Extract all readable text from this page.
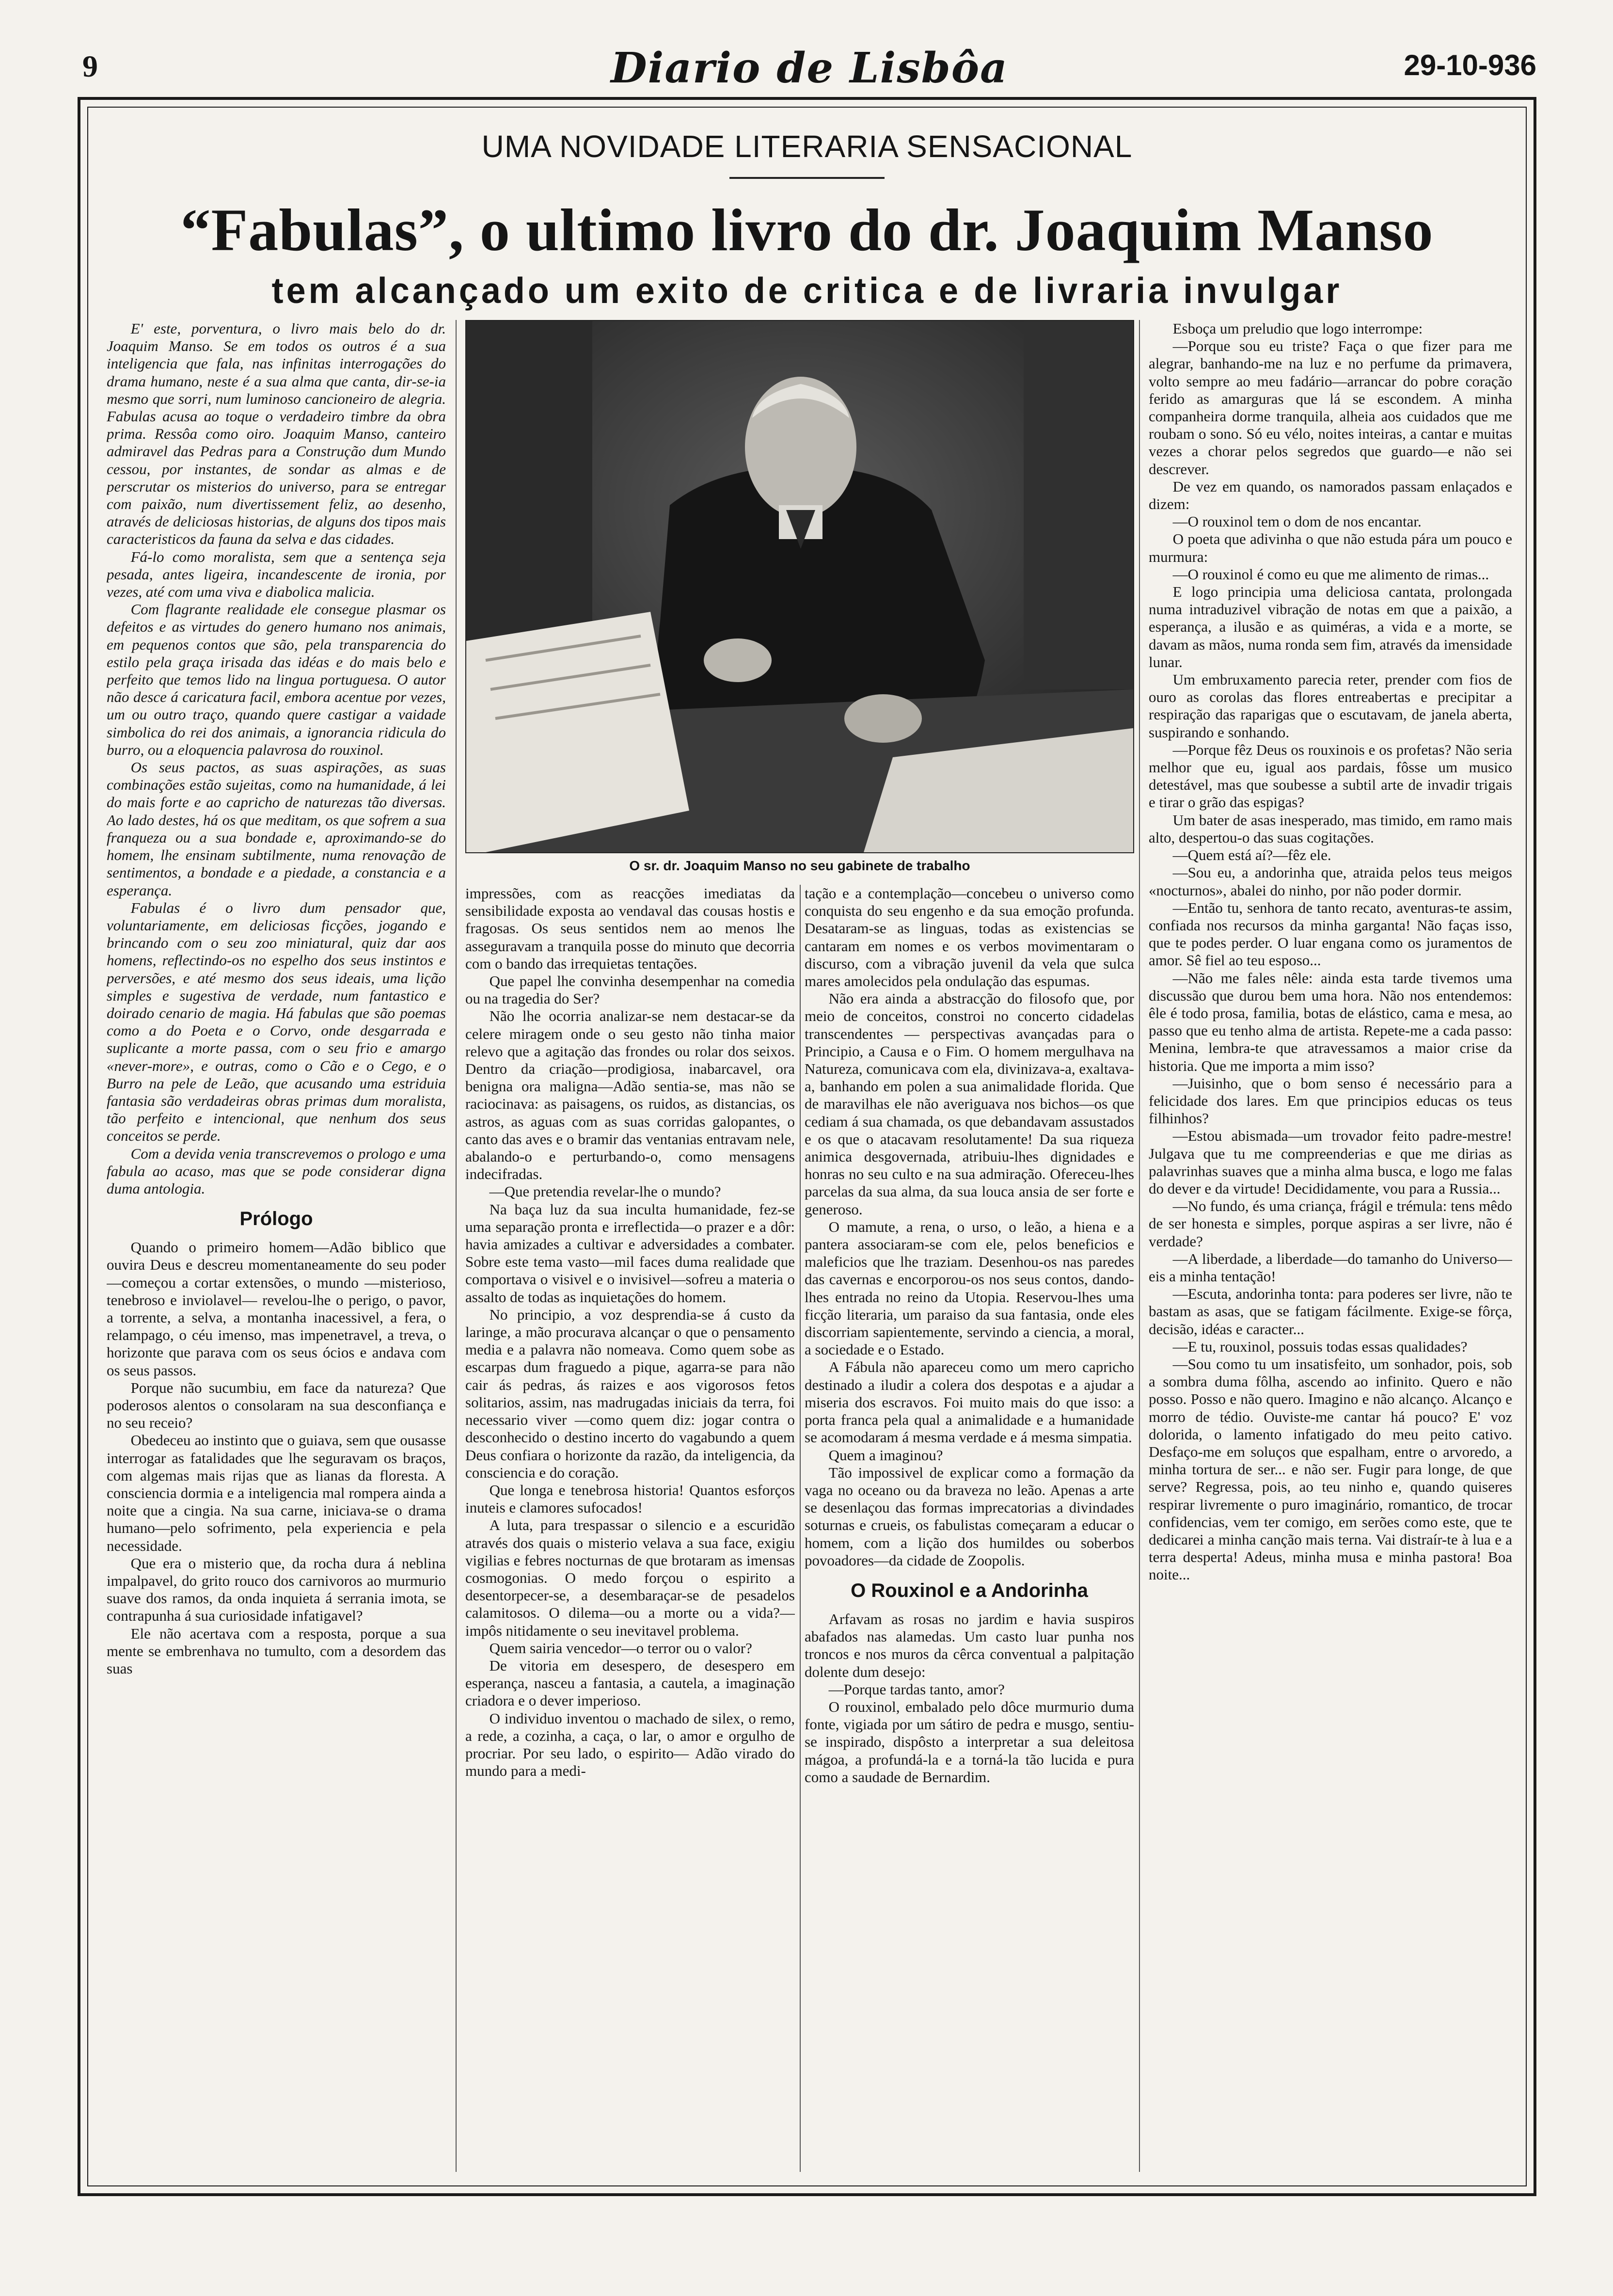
9	Diario de Lisbôa	29-10-936
UMA NOVIDADE LITERARIA SENSACIONAL
“Fabulas”, o ultimo livro do dr. Joaquim Manso
tem alcançado um exito de critica e de livraria invulgar

E' este, porventura, o livro mais belo do dr. Joaquim Manso. Se em todos os outros é a sua inteligencia que fala, nas infinitas interrogações do drama humano, neste é a sua alma que canta, dir-se-ia mesmo que sorri, num luminoso cancioneiro de alegria. Fabulas acusa ao toque o verdadeiro timbre da obra prima. Ressôa como oiro. Joaquim Manso, canteiro admiravel das Pedras para a Construção dum Mundo cessou, por instantes, de sondar as almas e de perscrutar os misterios do universo, para se entregar com paixão, num divertissement feliz, ao desenho, através de deliciosas historias, de alguns dos tipos mais caracteristicos da fauna da selva e das cidades.

Fá-lo como moralista, sem que a sentença seja pesada, antes ligeira, incandescente de ironia, por vezes, até com uma viva e diabolica malicia.

Com flagrante realidade ele consegue plasmar os defeitos e as virtudes do genero humano nos animais, em pequenos contos que são, pela transparencia do estilo pela graça irisada das idéas e do mais belo e perfeito que temos lido na lingua portuguesa. O autor não desce á caricatura facil, embora acentue por vezes, um ou outro traço, quando quere castigar a vaidade simbolica do rei dos animais, a ignorancia ridicula do burro, ou a eloquencia palavrosa do rouxinol.

Os seus pactos, as suas aspirações, as suas combinações estão sujeitas, como na humanidade, á lei do mais forte e ao capricho de naturezas tão diversas. Ao lado destes, há os que meditam, os que sofrem a sua franqueza ou a sua bondade e, aproximando-se do homem, lhe ensinam subtilmente, numa renovação de sentimentos, a bondade e a piedade, a constancia e a esperança.

Fabulas é o livro dum pensador que, voluntariamente, em deliciosas ficções, jogando e brincando com o seu zoo miniatural, quiz dar aos homens, reflectindo-os no espelho dos seus instintos e perversões, e até mesmo dos seus ideais, uma lição simples e sugestiva de verdade, num fantastico e doirado cenario de magia. Há fabulas que são poemas como a do Poeta e o Corvo, onde desgarrada e suplicante a morte passa, com o seu frio e amargo «never-more», e outras, como o Cão e o Cego, e o Burro na pele de Leão, que acusando uma estriduia fantasia são verdadeiras obras primas dum moralista, tão perfeito e intencional, que nenhum dos seus conceitos se perde.

Com a devida venia transcrevemos o prologo e uma fabula ao acaso, mas que se pode considerar digna duma antologia.

Prólogo

Quando o primeiro homem—Adão biblico que ouvira Deus e descreu momentaneamente do seu poder—começou a cortar extensões, o mundo —misterioso, tenebroso e inviolavel— revelou-lhe o perigo, o pavor, a torrente, a selva, a montanha inacessivel, a fera, o relampago, o céu imenso, mas impenetravel, a treva, o horizonte que parava com os seus ócios e andava com os seus passos.

Porque não sucumbiu, em face da natureza? Que poderosos alentos o consolaram na sua desconfiança e no seu receio?

Obedeceu ao instinto que o guiava, sem que ousasse interrogar as fatalidades que lhe seguravam os braços, com algemas mais rijas que as lianas da floresta. A consciencia dormia e a inteligencia mal rompera ainda a noite que a cingia. Na sua carne, iniciava-se o drama humano—pelo sofrimento, pela experiencia e pela necessidade.

Que era o misterio que, da rocha dura á neblina impalpavel, do grito rouco dos carnivoros ao murmurio suave dos ramos, da onda inquieta á serrania imota, se contrapunha á sua curiosidade infatigavel?

Ele não acertava com a resposta, porque a sua mente se embrenhava no tumulto, com a desordem das suas

O sr. dr. Joaquim Manso no seu gabinete de trabalho

impressões, com as reacções imediatas da sensibilidade exposta ao vendaval das cousas hostis e fragosas. Os seus sentidos nem ao menos lhe asseguravam a tranquila posse do minuto que decorria com o bando das irrequietas tentações.

Que papel lhe convinha desempenhar na comedia ou na tragedia do Ser?

Não lhe ocorria analizar-se nem destacar-se da celere miragem onde o seu gesto não tinha maior relevo que a agitação das frondes ou rolar dos seixos. Dentro da criação—prodigiosa, inabarcavel, ora benigna ora maligna—Adão sentia-se, mas não se raciocinava: as paisagens, os ruidos, as distancias, os astros, as aguas com as suas corridas galopantes, o canto das aves e o bramir das ventanias entravam nele, abalando-o e perturbando-o, como mensagens indecifradas.

—Que pretendia revelar-lhe o mundo?

Na baça luz da sua inculta humanidade, fez-se uma separação pronta e irreflectida—o prazer e a dôr: havia amizades a cultivar e adversidades a combater. Sobre este tema vasto—mil faces duma realidade que comportava o visivel e o invisivel—sofreu a materia o assalto de todas as inquietações do homem.

No principio, a voz desprendia-se á custo da laringe, a mão procurava alcançar o que o pensamento media e a palavra não nomeava. Como quem sobe as escarpas dum fraguedo a pique, agarra-se para não cair ás pedras, ás raizes e aos vigorosos fetos solitarios, assim, nas madrugadas iniciais da terra, foi necessario viver —como quem diz: jogar contra o desconhecido o destino incerto do vagabundo a quem Deus confiara o horizonte da razão, da inteligencia, da consciencia e do coração.

Que longa e tenebrosa historia! Quantos esforços inuteis e clamores sufocados!

A luta, para trespassar o silencio e a escuridão através dos quais o misterio velava a sua face, exigiu vigilias e febres nocturnas de que brotaram as imensas cosmogonias. O medo forçou o espirito a desentorpecer-se, a desembaraçar-se de pesadelos calamitosos. O dilema—ou a morte ou a vida?—impôs nitidamente o seu inevitavel problema.

Quem sairia vencedor—o terror ou o valor?

De vitoria em desespero, de desespero em esperança, nasceu a fantasia, a cautela, a imaginação criadora e o dever imperioso.

O individuo inventou o machado de silex, o remo, a rede, a cozinha, a caça, o lar, o amor e orgulho de procriar. Por seu lado, o espirito— Adão virado do mundo para a medi-

tação e a contemplação—concebeu o universo como conquista do seu engenho e da sua emoção profunda. Desataram-se as linguas, todas as existencias se cantaram em nomes e os verbos movimentaram o discurso, com a vibração juvenil da vela que sulca mares amolecidos pela ondulação das espumas.

Não era ainda a abstracção do filosofo que, por meio de conceitos, constroi no concerto cidadelas transcendentes — perspectivas avançadas para o Principio, a Causa e o Fim. O homem mergulhava na Natureza, comunicava com ela, divinizava-a, exaltava-a, banhando em polen a sua animalidade florida. Que de maravilhas ele não averiguava nos bichos—os que cediam á sua chamada, os que debandavam assustados e os que o atacavam resolutamente! Da sua riqueza animica desgovernada, atribuiu-lhes dignidades e honras no seu culto e na sua admiração. Ofereceu-lhes parcelas da sua alma, da sua louca ansia de ser forte e generoso.

O mamute, a rena, o urso, o leão, a hiena e a pantera associaram-se com ele, pelos beneficios e maleficios que lhe traziam. Desenhou-os nas paredes das cavernas e encorporou-os nos seus contos, dando-lhes entrada no reino da Utopia. Reservou-lhes uma ficção literaria, um paraiso da sua fantasia, onde eles discorriam sapientemente, servindo a ciencia, a moral, a sociedade e o Estado.

A Fábula não apareceu como um mero capricho destinado a iludir a colera dos despotas e a ajudar a miseria dos escravos. Foi muito mais do que isso: a porta franca pela qual a animalidade e a humanidade se acomodaram á mesma verdade e á mesma simpatia.

Quem a imaginou?

Tão impossivel de explicar como a formação da vaga no oceano ou da braveza no leão. Apenas a arte se desenlaçou das formas imprecatorias a divindades soturnas e crueis, os fabulistas começaram a educar o homem, com a lição dos humildes ou soberbos povoadores—da cidade de Zoopolis.

O Rouxinol e a Andorinha

Arfavam as rosas no jardim e havia suspiros abafados nas alamedas. Um casto luar punha nos troncos e nos muros da cêrca conventual a palpitação dolente dum desejo:

—Porque tardas tanto, amor?

O rouxinol, embalado pelo dôce murmurio duma fonte, vigiada por um sátiro de pedra e musgo, sentiu-se inspirado, dispôsto a interpretar a sua deleitosa mágoa, a profundá-la e a torná-la tão lucida e pura como a saudade de Bernardim.

Esboça um preludio que logo interrompe:

—Porque sou eu triste? Faça o que fizer para me alegrar, banhando-me na luz e no perfume da primavera, volto sempre ao meu fadário—arrancar do pobre coração ferido as amarguras que lá se escondem. A minha companheira dorme tranquila, alheia aos cuidados que me roubam o sono. Só eu vélo, noites inteiras, a cantar e muitas vezes a chorar pelos segredos que guardo—e não sei descrever.

De vez em quando, os namorados passam enlaçados e dizem:

—O rouxinol tem o dom de nos encantar.

O poeta que adivinha o que não estuda pára um pouco e murmura:

—O rouxinol é como eu que me alimento de rimas...

E logo principia uma deliciosa cantata, prolongada numa intraduzivel vibração de notas em que a paixão, a esperança, a ilusão e as quiméras, a vida e a morte, se davam as mãos, numa ronda sem fim, através da imensidade lunar.

Um embruxamento parecia reter, prender com fios de ouro as corolas das flores entreabertas e precipitar a respiração das raparigas que o escutavam, de janela aberta, suspirando e sonhando.

—Porque fêz Deus os rouxinois e os profetas? Não seria melhor que eu, igual aos pardais, fôsse um musico detestável, mas que soubesse a subtil arte de invadir trigais e tirar o grão das espigas?

Um bater de asas inesperado, mas timido, em ramo mais alto, despertou-o das suas cogitações.

—Quem está aí?—fêz ele.

—Sou eu, a andorinha que, atraida pelos teus meigos «nocturnos», abalei do ninho, por não poder dormir.

—Então tu, senhora de tanto recato, aventuras-te assim, confiada nos recursos da minha garganta! Não faças isso, que te podes perder. O luar engana como os juramentos de amor. Sê fiel ao teu esposo...

—Não me fales nêle: ainda esta tarde tivemos uma discussão que durou bem uma hora. Não nos entendemos: êle é todo prosa, familia, botas de elástico, cama e mesa, ao passo que eu tenho alma de artista. Repete-me a cada passo: Menina, lembra-te que atravessamos a maior crise da historia. Que me importa a mim isso?

—Juisinho, que o bom senso é necessário para a felicidade dos lares. Em que principios educas os teus filhinhos?

—Estou abismada—um trovador feito padre-mestre! Julgava que tu me compreenderias e que me dirias as palavrinhas suaves que a minha alma busca, e logo me falas do dever e da virtude! Decididamente, vou para a Russia...

—No fundo, és uma criança, frágil e trémula: tens mêdo de ser honesta e simples, porque aspiras a ser livre, não é verdade?

—A liberdade, a liberdade—do tamanho do Universo—eis a minha tentação!

—Escuta, andorinha tonta: para poderes ser livre, não te bastam as asas, que se fatigam fácilmente. Exige-se fôrça, decisão, idéas e caracter...

—E tu, rouxinol, possuis todas essas qualidades?

—Sou como tu um insatisfeito, um sonhador, pois, sob a sombra duma fôlha, ascendo ao infinito. Quero e não posso. Posso e não quero. Imagino e não alcanço. Alcanço e morro de tédio. Ouviste-me cantar há pouco? E' voz dolorida, o lamento infatigado do meu peito cativo. Desfaço-me em soluços que espalham, entre o arvoredo, a minha tortura de ser... e não ser. Fugir para longe, de que serve? Regressa, pois, ao teu ninho e, quando quiseres respirar livremente o puro imaginário, romantico, de trocar confidencias, vem ter comigo, em serões como este, que te dedicarei a minha canção mais terna. Vai distraír-te à lua e a terra desperta! Adeus, minha musa e minha pastora! Boa noite...
